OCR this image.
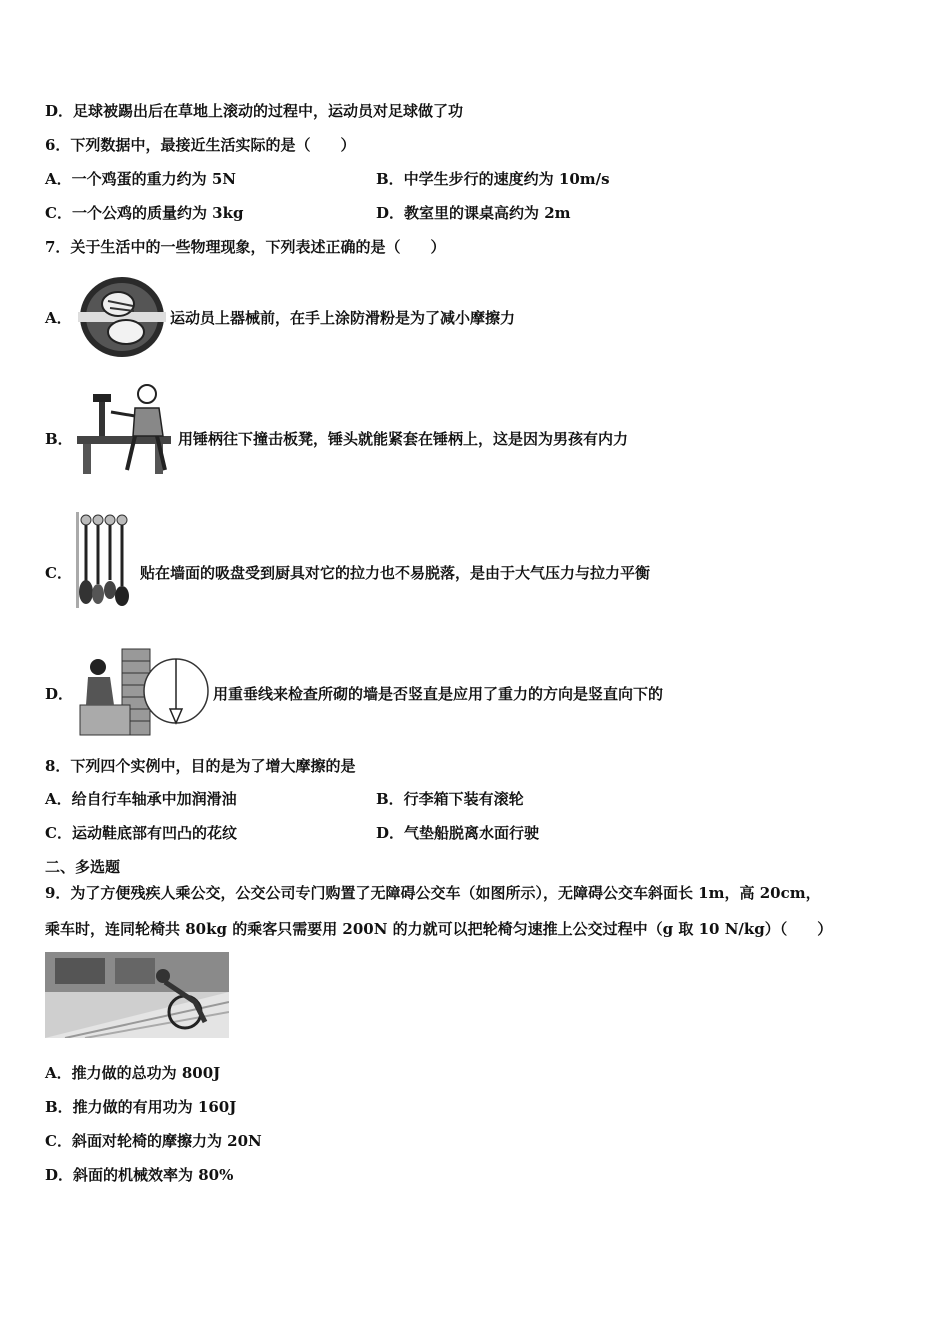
D．足球被踢出后在草地上滚动的过程中，运动员对足球做了功
6．下列数据中，最接近生活实际的是（　　）
A．一个鸡蛋的重力约为 5N	B．中学生步行的速度约为 10m/s
C．一个公鸡的质量约为 3kg	D．教室里的课桌高约为 2m
7．关于生活中的一些物理现象，下列表述正确的是（　　）
A．	运动员上器械前，在手上涂防滑粉是为了减小摩擦力
B．	用锤柄往下撞击板凳，锤头就能紧套在锤柄上，这是因为男孩有内力
C．	贴在墙面的吸盘受到厨具对它的拉力也不易脱落，是由于大气压力与拉力平衡
D．	用重垂线来检查所砌的墙是否竖直是应用了重力的方向是竖直向下的
8．下列四个实例中，目的是为了增大摩擦的是
A．给自行车轴承中加润滑油	B．行李箱下装有滚轮
C．运动鞋底部有凹凸的花纹	D．气垫船脱离水面行驶
二、多选题
9．为了方便残疾人乘公交，公交公司专门购置了无障碍公交车（如图所示），无障碍公交车斜面长 1m，高 20cm，
乘车时，连同轮椅共 80kg 的乘客只需要用 200N 的力就可以把轮椅匀速推上公交过程中（g 取 10 N/kg）（　　）
A．推力做的总功为 800J
B．推力做的有用功为 160J
C．斜面对轮椅的摩擦力为 20N
D．斜面的机械效率为 80%
